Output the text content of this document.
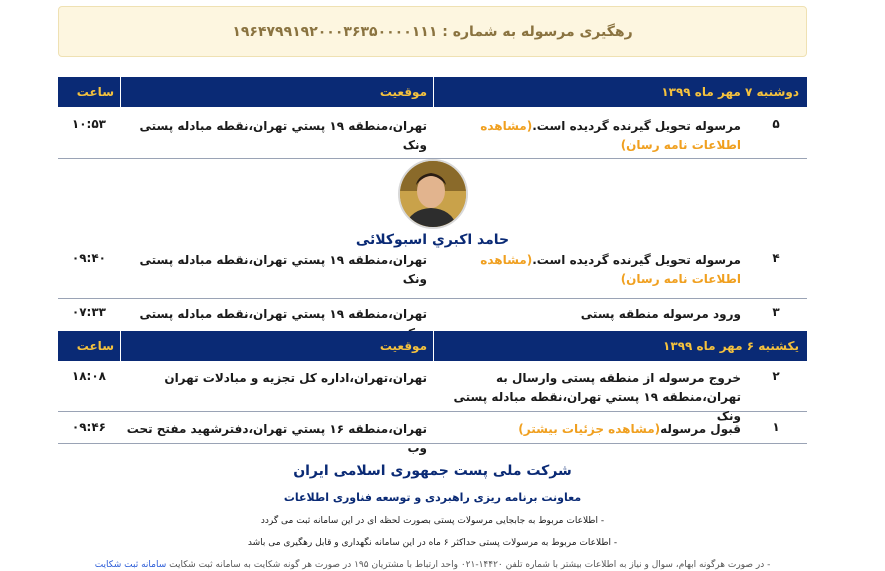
رهگیری مرسوله به شماره : ۱۹۶۴۷۹۹۱۹۲۰۰۰۳۶۳۵۰۰۰۰۱۱۱
دوشنبه ۷ مهر ماه ۱۳۹۹
موقعیت
ساعت
۵
مرسوله تحویل گیرنده گردیده است.(مشاهده اطلاعات نامه رسان)
تهران،منطقه ۱۹ پستي تهران،نقطه مبادله پستی ونک
۱۰:۵۳
حامد اکبري اسبوکلائی
۴
مرسوله تحویل گیرنده گردیده است.(مشاهده اطلاعات نامه رسان)
تهران،منطقه ۱۹ پستي تهران،نقطه مبادله پستی ونک
۰۹:۴۰
۳
ورود مرسوله منطقه پستی
تهران،منطقه ۱۹ پستي تهران،نقطه مبادله پستی
۰۷:۳۳
یکشنبه ۶ مهر ماه ۱۳۹۹
موقعیت
ساعت
۲
خروج مرسوله از منطقه پستی وارسال به تهران،منطقه ۱۹ پستي تهران،نقطه مبادله پستی ونک
تهران،تهران،اداره کل تجزیه و مبادلات تهران
۱۸:۰۸
۱
قبول مرسوله(مشاهده جزئیات بیشتر)
تهران،منطقه ۱۶ پستي تهران،دفترشهید مفتح تحت وب
۰۹:۴۶
شرکت ملی پست جمهوری اسلامی ایران
معاونت برنامه ریزی راهبردی و توسعه فناوری اطلاعات
- اطلاعات مربوط به جابجایی مرسولات پستی بصورت لحظه ای در این سامانه ثبت می گردد
- اطلاعات مربوط به مرسولات پستی حداکثر ۶ ماه در این سامانه نگهداری و قابل رهگیری می باشد
- در صورت هرگونه ابهام، سوال و نیاز به اطلاعات بیشتر با شماره تلفن ۱۴۴۲۰-۰۲۱ واحد ارتباط با مشتریان ۱۹۵ در صورت هر گونه شکایت به سامانه ثبت شکایت سامانه ثبت شکایت
